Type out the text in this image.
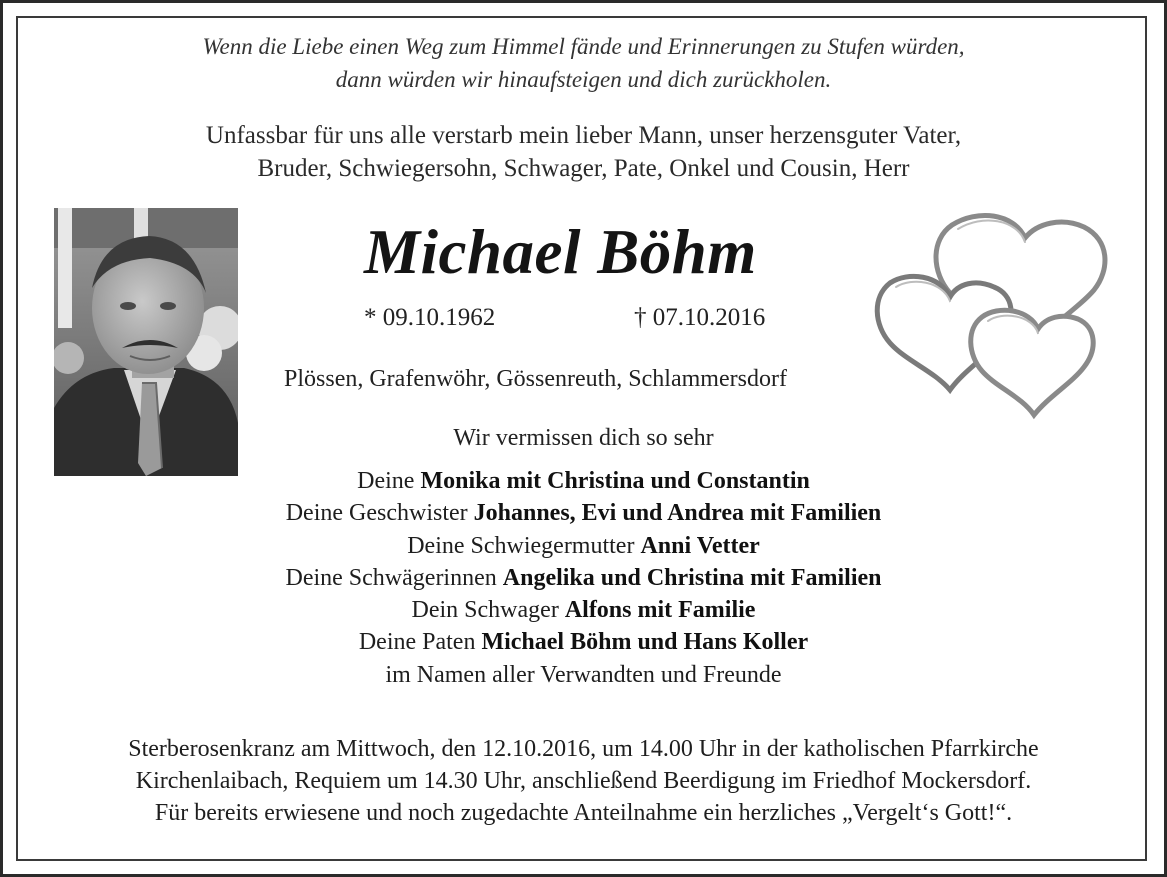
Wenn die Liebe einen Weg zum Himmel fände und Erinnerungen zu Stufen würden,
dann würden wir hinaufsteigen und dich zurückholen.
Unfassbar für uns alle verstarb mein lieber Mann, unser herzensguter Vater,
Bruder, Schwiegersohn, Schwager, Pate, Onkel und Cousin, Herr
Michael Böhm
* 09.10.1962	† 07.10.2016
Plössen, Grafenwöhr, Gössenreuth, Schlammersdorf
Wir vermissen dich so sehr
Deine Monika mit Christina und Constantin
Deine Geschwister Johannes, Evi und Andrea mit Familien
Deine Schwiegermutter Anni Vetter
Deine Schwägerinnen Angelika und Christina mit Familien
Dein Schwager Alfons mit Familie
Deine Paten Michael Böhm und Hans Koller
im Namen aller Verwandten und Freunde
Sterberosenkranz am Mittwoch, den 12.10.2016, um 14.00 Uhr in der katholischen Pfarrkirche
Kirchenlaibach, Requiem um 14.30 Uhr, anschließend Beerdigung im Friedhof Mockersdorf.
Für bereits erwiesene und noch zugedachte Anteilnahme ein herzliches „Vergelt‘s Gott!“.
